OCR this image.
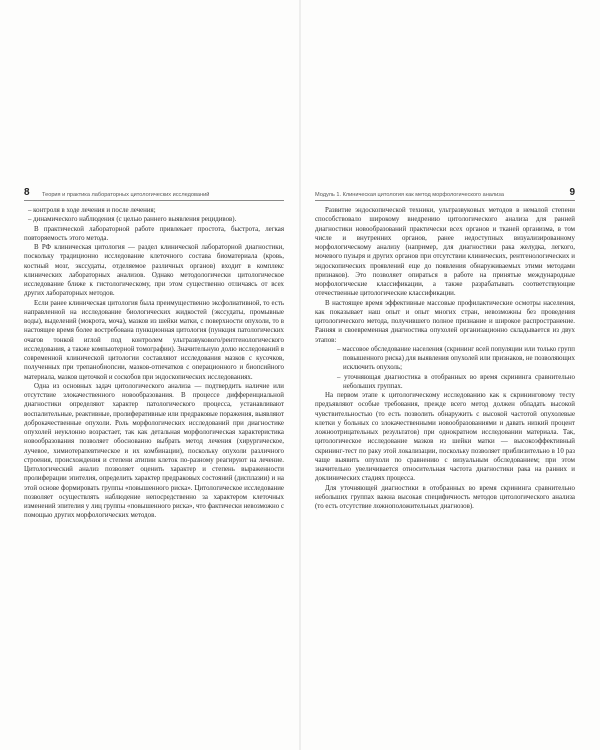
8 Теория и практика лабораторных цитологических исследований

– контроля в ходе лечения и после лечения;

– динамического наблюдения (с целью раннего выявления рецидивов).

В практической лабораторной работе привлекает простота, быстрота, легкая повторяемость этого метода.

В РФ клиническая цитология — раздел клинической лабораторной диагностики, поскольку традиционно исследование клеточного состава биоматериала (кровь, костный мозг, экссудаты, отделяемое различных органов) входит в комплекс клинических лабораторных анализов. Однако методологически цитологическое исследование ближе к гистологическому, при этом существенно отличаясь от всех других лабораторных методов.

Если ранее клиническая цитология была преимущественно эксфолиативной, то есть направленной на исследование биологических жидкостей (экссудаты, промывные воды), выделений (мокрота, моча), мазков из шейки матки, с поверхности опухоли, то в настоящее время более востребована пункционная цитология (пункция патологических очагов тонкой иглой под контролем ультразвукового/рентгенологического исследования, а также компьютерной томографии). Значительную долю исследований в современной клинической цитологии составляют исследования мазков с кусочков, полученных при трепанобиопсии, мазков-отпечатков с операционного и биопсийного материала, мазков щеточкой и соскобов при эндоскопических исследованиях.

Одна из основных задач цитологического анализа — подтвердить наличие или отсутствие злокачественного новообразования. В процессе дифференциальной диагностики определяют характер патологического процесса, устанавливают воспалительные, реактивные, пролиферативные или предраковые поражения, выявляют доброкачественные опухоли. Роль морфологических исследований при диагностике опухолей неуклонно возрастает, так как детальная морфологическая характеристика новообразования позволяет обоснованно выбрать метод лечения (хирургическое, лучевое, химиотерапевтическое и их комбинации), поскольку опухоли различного строения, происхождения и степени атипии клеток по-разному реагируют на лечение. Цитологический анализ позволяет оценить характер и степень выраженности пролиферации эпителия, определить характер предраковых состояний (дисплазии) и на этой основе формировать группы «повышенного риска». Цитологическое исследование позволяет осуществлять наблюдение непосредственно за характером клеточных изменений эпителия у лиц группы «повышенного риска», что фактически невозможно с помощью других морфологических методов.

Модуль 1. Клиническая цитология как метод морфологического анализа	9

Развитие эндоскопической техники, ультразвуковых методов в немалой степени способствовало широкому внедрению цитологического анализа для ранней диагностики новообразований практически всех органов и тканей организма, в том числе и внутренних органов, ранее недоступных визуализированному морфологическому анализу (например, для диагностики рака желудка, легкого, мочевого пузыря и других органов при отсутствии клинических, рентгенологических и эндоскопических проявлений еще до появления обнаруживаемых этими методами признаков). Это позволяет опираться в работе на принятые международные морфологические классификации, а также разрабатывать соответствующие отечественные цитологические классификации.

В настоящее время эффективные массовые профилактические осмотры населения, как показывает наш опыт и опыт многих стран, невозможны без проведения цитологического метода, получившего полное признание и широкое распространение. Ранняя и своевременная диагностика опухолей организационно складывается из двух этапов:

– массовое обследование населения (скрининг всей популяции или только групп повышенного риска) для выявления опухолей или признаков, не позволяющих исключить опухоль;

– уточняющая диагностика в отобранных во время скрининга сравнительно небольших группах.

На первом этапе к цитологическому исследованию как к скрининговому тесту предъявляют особые требования, прежде всего метод должен обладать высокой чувствительностью (то есть позволить обнаружить с высокой частотой опухолевые клетки у больных со злокачественными новообразованиями и давать низкий процент ложноотрицательных результатов) при однократном исследовании материала. Так, цитологическое исследование мазков из шейки матки — высокоэффективный скрининг-тест по раку этой локализации, поскольку позволяет приблизительно в 10 раз чаще выявить опухоли по сравнению с визуальным обследованием; при этом значительно увеличивается относительная частота диагностики рака на ранних и доклинических стадиях процесса.

Для уточняющей диагностики в отобранных во время скрининга сравнительно небольших группах важна высокая специфичность методов цитологического анализа (то есть отсутствие ложноположительных диагнозов).
